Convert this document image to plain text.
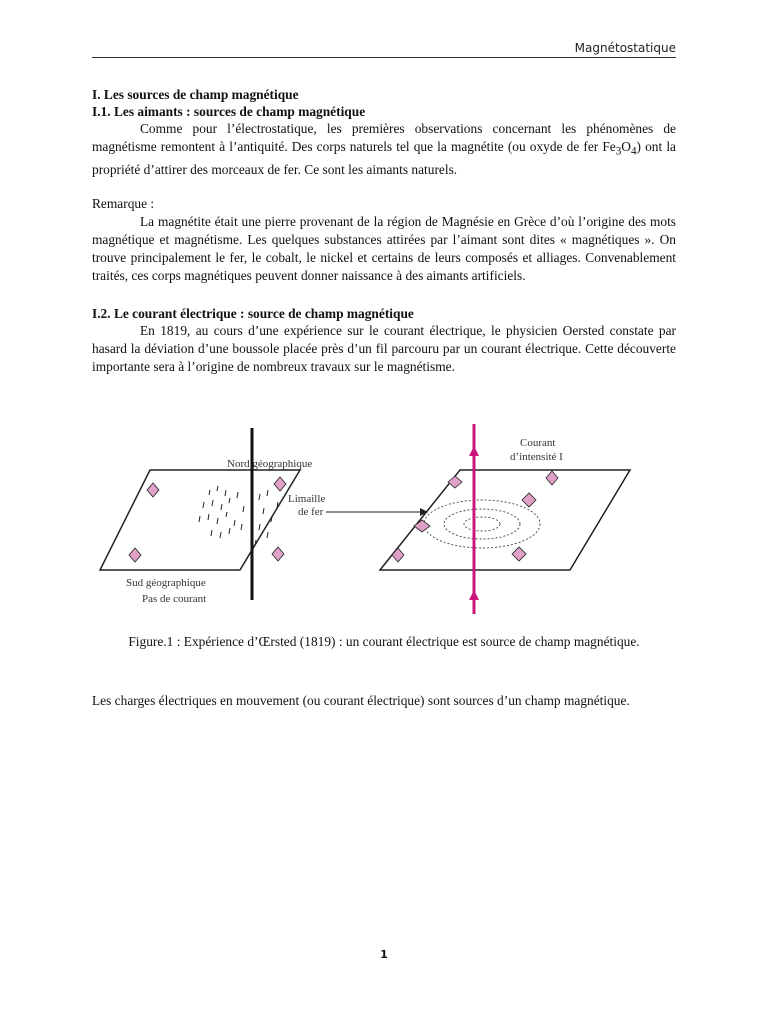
Magnétostatique
I. Les sources de champ magnétique
I.1. Les aimants : sources de champ magnétique

Comme pour l’électrostatique, les premières observations concernant les phénomènes de magnétisme remontent à l’antiquité. Des corps naturels tel que la magnétite (ou oxyde de fer $Fe_3O_4$) ont la propriété d’attirer des morceaux de fer. Ce sont les aimants naturels.

Remarque :

La magnétite était une pierre provenant de la région de Magnésie en Grèce d’où l’origine des mots magnétique et magnétisme. Les quelques substances attirées par l’aimant sont dites « magnétiques ». On trouve principalement le fer, le cobalt, le nickel et certains de leurs composés et alliages. Convenablement traités, ces corps magnétiques peuvent donner naissance à des aimants artificiels.

I.2. Le courant électrique : source de champ magnétique

En 1819, au cours d’une expérience sur le courant électrique, le physicien Oersted constate par hasard la déviation d’une boussole placée près d’un fil parcouru par un courant électrique. Cette découverte importante sera à l’origine de nombreux travaux sur le magnétisme.

Nord géographique
Limaille
de fer
Sud géographique
Pas de courant
Courant
d’intensité I
Figure.1 : Expérience d’Œrsted (1819) : un courant électrique est source de champ magnétique.

Les charges électriques en mouvement (ou courant électrique) sont sources d’un champ magnétique.

1
